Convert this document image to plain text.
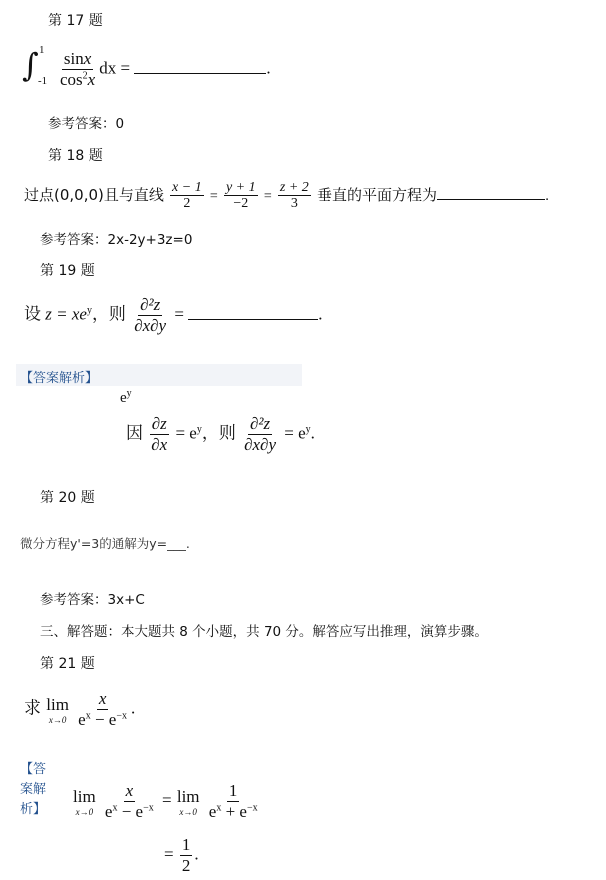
第 17 题
∫ 1
$-1 \frac{\sin x}{\cos^2x}$ dx =	.
参考答案：0
第 18 题
过点(0,0,0)且与直线 $\frac{x - 1}{2} = \frac{y + 1}{-2} = \frac{z + 2}{3}$ 垂直的平面方程为	.
参考答案：2x-2y+3z=0
第 19 题
设 $z = xe^y$，则 $\frac{\text{∂²z}}{\partial x\partial y}$ =	.
【答案解析】
$e^y$
因 $\frac{\partial z}{\partial x} = e^y$，则 $\frac{\text{∂²z}}{\partial x\partial y} = e^y$.
第 20 题
微分方程y'=3的通解为y=___.
参考答案：3x+C
三、解答题：本大题共 8 个小题，共 70 分。解答应写出推理，演算步骤。
第 21 题
求 lim
x→0
$\frac{x}{e^x - e^{-x}}$ .
【答
案解
析】
lim
x→0
$\frac{x}{e^x - e^{-x}} = \lim$
x→0
$\frac{1}{e^x + e^{-x}}$
= $\frac{1}{2}$ .
